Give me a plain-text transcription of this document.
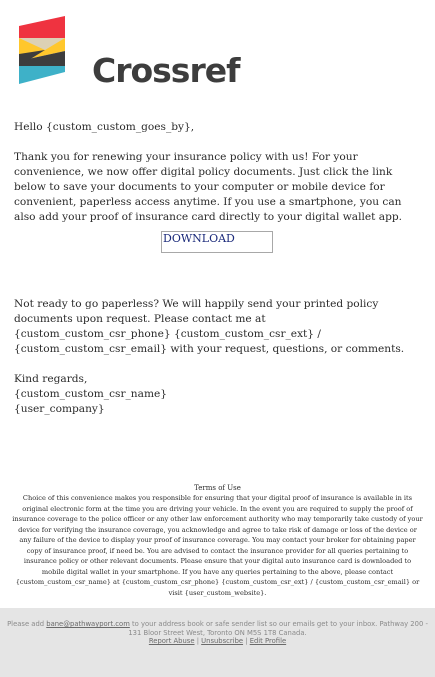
Crossref
Hello {custom_custom_goes_by},
Thank you for renewing your insurance policy with us! For your convenience, we now offer digital policy documents. Just click the link below to save your documents to your computer or mobile device for convenient, paperless access anytime. If you use a smartphone, you can also add your proof of insurance card directly to your digital wallet app.
DOWNLOAD
Not ready to go paperless? We will happily send your printed policy documents upon request. Please contact me at {custom_custom_csr_phone} {custom_custom_csr_ext} / {custom_custom_csr_email} with your request, questions, or comments.
Kind regards,
{custom_custom_csr_name}
{user_company}
Terms of Use
Choice of this convenience makes you responsible for ensuring that your digital proof of insurance is available in its original electronic form at the time you are driving your vehicle. In the event you are required to supply the proof of insurance coverage to the police officer or any other law enforcement authority who may temporarily take custody of your device for verifying the insurance coverage, you acknowledge and agree to take risk of damage or loss of the device or any failure of the device to display your proof of insurance coverage. You may contact your broker for obtaining paper copy of insurance proof, if need be. You are advised to contact the insurance provider for all queries pertaining to insurance policy or other relevant documents. Please ensure that your digital auto insurance card is downloaded to mobile digital wallet in your smartphone. If you have any queries pertaining to the above, please contact {custom_custom_csr_name} at {custom_custom_csr_phone} {custom_custom_csr_ext} / {custom_custom_csr_email} or visit {user_custom_website}.
Please add bane@pathwayport.com to your address book or safe sender list so our emails get to your inbox. Pathway 200 - 131 Bloor Street West, Toronto ON M5S 1T8 Canada.
Report Abuse | Unsubscribe | Edit Profile
